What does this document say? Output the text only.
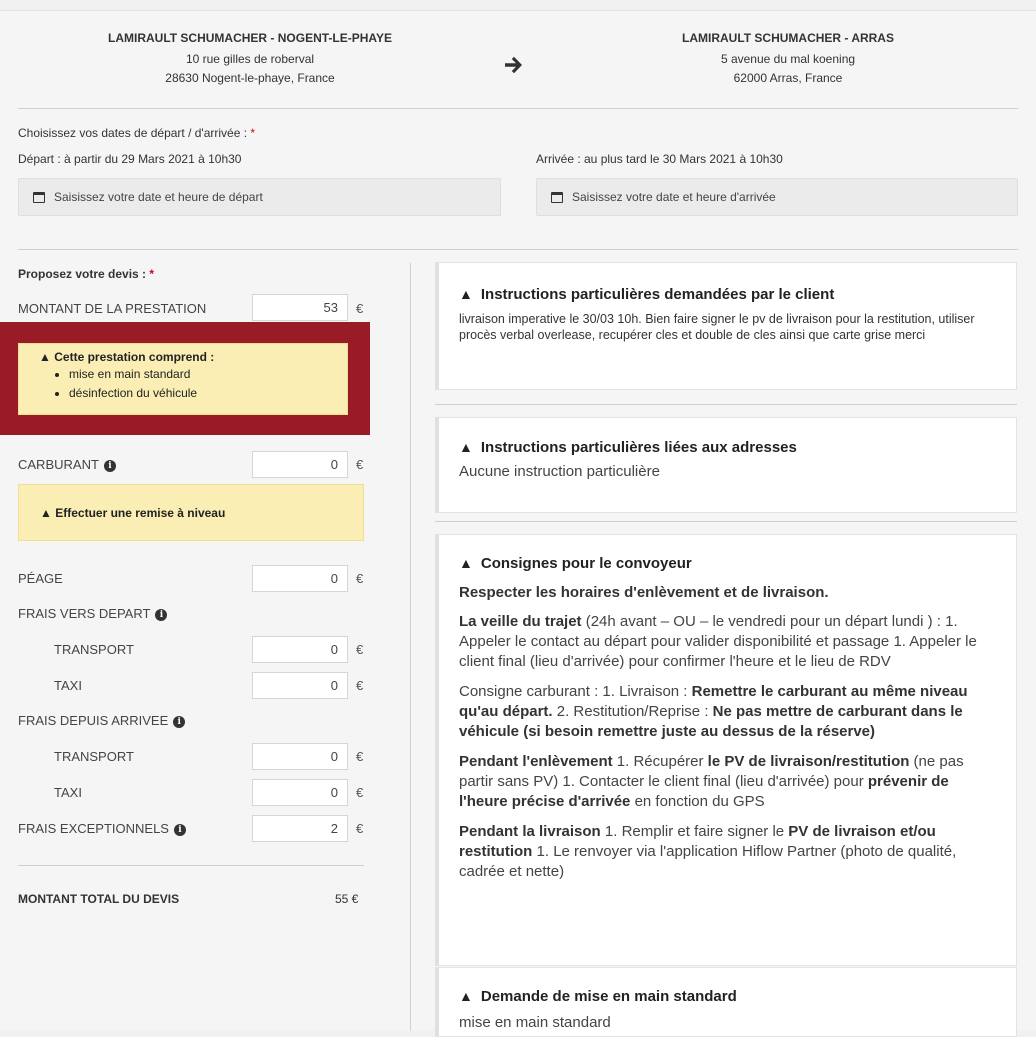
LAMIRAULT SCHUMACHER - NOGENT-LE-PHAYE
10 rue gilles de roberval
28630 Nogent-le-phaye, France
LAMIRAULT SCHUMACHER - ARRAS
5 avenue du mal koening
62000 Arras, France
Choisissez vos dates de départ / d'arrivée : *
Départ : à partir du 29 Mars 2021 à 10h30	Arrivée : au plus tard le 30 Mars 2021 à 10h30
Saisissez votre date et heure de départ	Saisissez votre date et heure d'arrivée
Proposez votre devis : *
MONTANT DE LA PRESTATION	53	€
▲ Cette prestation comprend :
• mise en main standard
• désinfection du véhicule
CARBURANT i	0	€
▲ Effectuer une remise à niveau
PÉAGE	0	€
FRAIS VERS DEPART i
TRANSPORT	0	€
TAXI	0	€
FRAIS DEPUIS ARRIVEE i
TRANSPORT	0	€
TAXI	0	€
FRAIS EXCEPTIONNELS i	2	€
MONTANT TOTAL DU DEVIS	55 €
▲ Instructions particulières demandées par le client
livraison imperative le 30/03 10h. Bien faire signer le pv de livraison pour la restitution, utiliser procès verbal overlease, recupérer cles et double de cles ainsi que carte grise merci
▲ Instructions particulières liées aux adresses
Aucune instruction particulière
▲ Consignes pour le convoyeur
Respecter les horaires d'enlèvement et de livraison.
La veille du trajet (24h avant – OU – le vendredi pour un départ lundi ) : 1. Appeler le contact au départ pour valider disponibilité et passage 1. Appeler le client final (lieu d'arrivée) pour confirmer l'heure et le lieu de RDV
Consigne carburant : 1. Livraison : Remettre le carburant au même niveau qu'au départ. 2. Restitution/Reprise : Ne pas mettre de carburant dans le véhicule (si besoin remettre juste au dessus de la réserve)
Pendant l'enlèvement 1. Récupérer le PV de livraison/restitution (ne pas partir sans PV) 1. Contacter le client final (lieu d'arrivée) pour prévenir de l'heure précise d'arrivée en fonction du GPS
Pendant la livraison 1. Remplir et faire signer le PV de livraison et/ou restitution 1. Le renvoyer via l'application Hiflow Partner (photo de qualité, cadrée et nette)
▲ Demande de mise en main standard
mise en main standard
